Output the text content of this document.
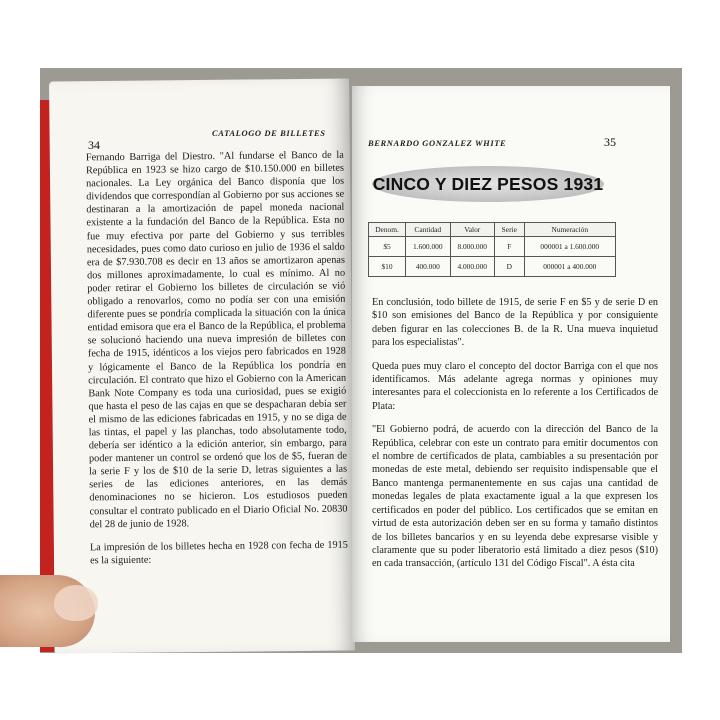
34
CATALOGO DE BILLETES

Fernando Barriga del Diestro. "Al fundarse el Banco de la República en 1923 se hizo cargo de $10.150.000 en billetes nacionales. La Ley orgánica del Banco disponía que los dividendos que correspondían al Gobierno por sus acciones se destinaran a la amortización de papel moneda nacional existente a la fundación del Banco de la República. Esta no fue muy efectiva por parte del Gobierno y sus terribles necesidades, pues como dato curioso en julio de 1936 el saldo era de $7.930.708 es decir en 13 años se amortizaron apenas dos millones aproximadamente, lo cual es mínimo. Al no poder retirar el Gobierno los billetes de circulación se vió obligado a renovarlos, como no podía ser con una emisión diferente pues se pondría complicada la situación con la única entidad emisora que era el Banco de la República, el problema se solucionó haciendo una nueva impresión de billetes con fecha de 1915, idénticos a los viejos pero fabricados en 1928 y lógicamente el Banco de la República los pondría en circulación. El contrato que hizo el Gobierno con la American Bank Note Company es toda una curiosidad, pues se exigió que hasta el peso de las cajas en que se despacharan debía ser el mismo de las ediciones fabricadas en 1915, y no se diga de las tintas, el papel y las planchas, todo absolutamente todo, debería ser idéntico a la edición anterior, sin embargo, para poder mantener un control se ordenó que los de $5, fueran de la serie F y los de $10 de la serie D, letras siguientes a las series de las ediciones anteriores, en las demás denominaciones no se hicieron. Los estudiosos pueden consultar el contrato publicado en el Diario Oficial No. 20830 del 28 de junio de 1928.

La impresión de los billetes hecha en 1928 con fecha de 1915 es la siguiente:

BERNARDO GONZALEZ WHITE	35
CINCO Y DIEZ PESOS 1931
Denom.	Cantidad	Valor	Serie	Numeración
$5	1.600.000	8.000.000	F	000001 a 1.600.000
$10	400.000	4.000.000	D	000001 a 400.000

En conclusión, todo billete de 1915, de serie F en $5 y de serie D en $10 son emisiones del Banco de la República y por consiguiente deben figurar en las colecciones B. de la R. Una mueva inquietud para los especialistas".

Queda pues muy claro el concepto del doctor Barriga con el que nos identificamos. Más adelante agrega normas y opiniones muy interesantes para el coleccionista en lo referente a los Certificados de Plata:

"El Gobierno podrá, de acuerdo con la dirección del Banco de la República, celebrar con este un contrato para emitir documentos con el nombre de certificados de plata, cambiables a su presentación por monedas de este metal, debiendo ser requisito indispensable que el Banco mantenga permanentemente en sus cajas una cantidad de monedas legales de plata exactamente igual a la que expresen los certificados en poder del público. Los certificados que se emitan en virtud de esta autorización deben ser en su forma y tamaño distintos de los billetes bancarios y en su leyenda debe expresarse visible y claramente que su poder liberatorio está limitado a diez pesos ($10) en cada transacción, (artículo 131 del Código Fiscal". A ésta cita
